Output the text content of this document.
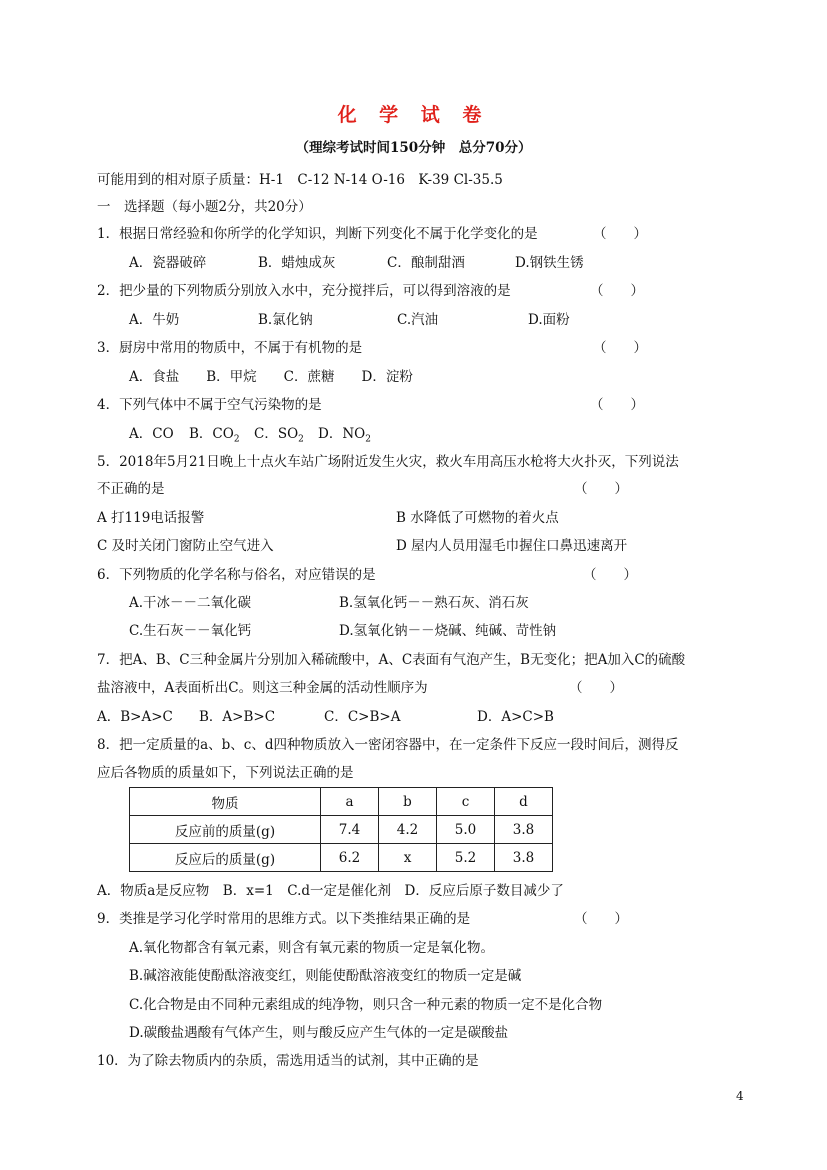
化 学 试 卷
（理综考试时间150分钟　总分70分）
可能用到的相对原子质量：H-1　C-12 N-14 O-16　K-39 Cl-35.5
一　选择题（每小题2分，共20分）
1．根据日常经验和你所学的化学知识，判断下列变化不属于化学变化的是	（　　）
A．瓷器破碎	B．蜡烛成灰	C．酿制甜酒	D.钢铁生锈
2．把少量的下列物质分别放入水中，充分搅拌后，可以得到溶液的是	（　　）
A．牛奶	B.氯化钠	C.汽油	D.面粉
3．厨房中常用的物质中，不属于有机物的是	（　　）
A．食盐　　B．甲烷　　C．蔗糖　　D．淀粉
4．下列气体中不属于空气污染物的是	（　　）
A．CO B．$CO_2$ C．$SO_2$ D．$NO_2$
5．2018年5月21日晚上十点火车站广场附近发生火灾，救火车用高压水枪将大火扑灭，下列说法
不正确的是	（　　）
A 打119电话报警	B 水降低了可燃物的着火点
C 及时关闭门窗防止空气进入	D 屋内人员用湿毛巾握住口鼻迅速离开
6．下列物质的化学名称与俗名，对应错误的是	（　　）
A.干冰－－二氧化碳	B.氢氧化钙－－熟石灰、消石灰
C.生石灰－－氧化钙	D.氢氧化钠－－烧碱、纯碱、苛性钠
7．把A、B、C三种金属片分别加入稀硫酸中，A、C表面有气泡产生，B无变化；把A加入C的硫酸
盐溶液中，A表面析出C。则这三种金属的活动性顺序为	（　　）
A．B>A>C B．A>B>C	C．C>B>A	D．A>C>B
8．把一定质量的a、b、c、d四种物质放入一密闭容器中，在一定条件下反应一段时间后，测得反
应后各物质的质量如下，下列说法正确的是
物质	a	b	c	d
反应前的质量(g)	7.4	4.2	5.0	3.8
反应后的质量(g)	6.2	x	5.2	3.8
A．物质a是反应物　B．x=1　C.d一定是催化剂　D．反应后原子数目减少了
9．类推是学习化学时常用的思维方式。以下类推结果正确的是	（　　）
A.氧化物都含有氧元素，则含有氧元素的物质一定是氧化物。
B.碱溶液能使酚酞溶液变红，则能使酚酞溶液变红的物质一定是碱
C.化合物是由不同种元素组成的纯净物，则只含一种元素的物质一定不是化合物
D.碳酸盐遇酸有气体产生，则与酸反应产生气体的一定是碳酸盐
10．为了除去物质内的杂质，需选用适当的试剂，其中正确的是
4
